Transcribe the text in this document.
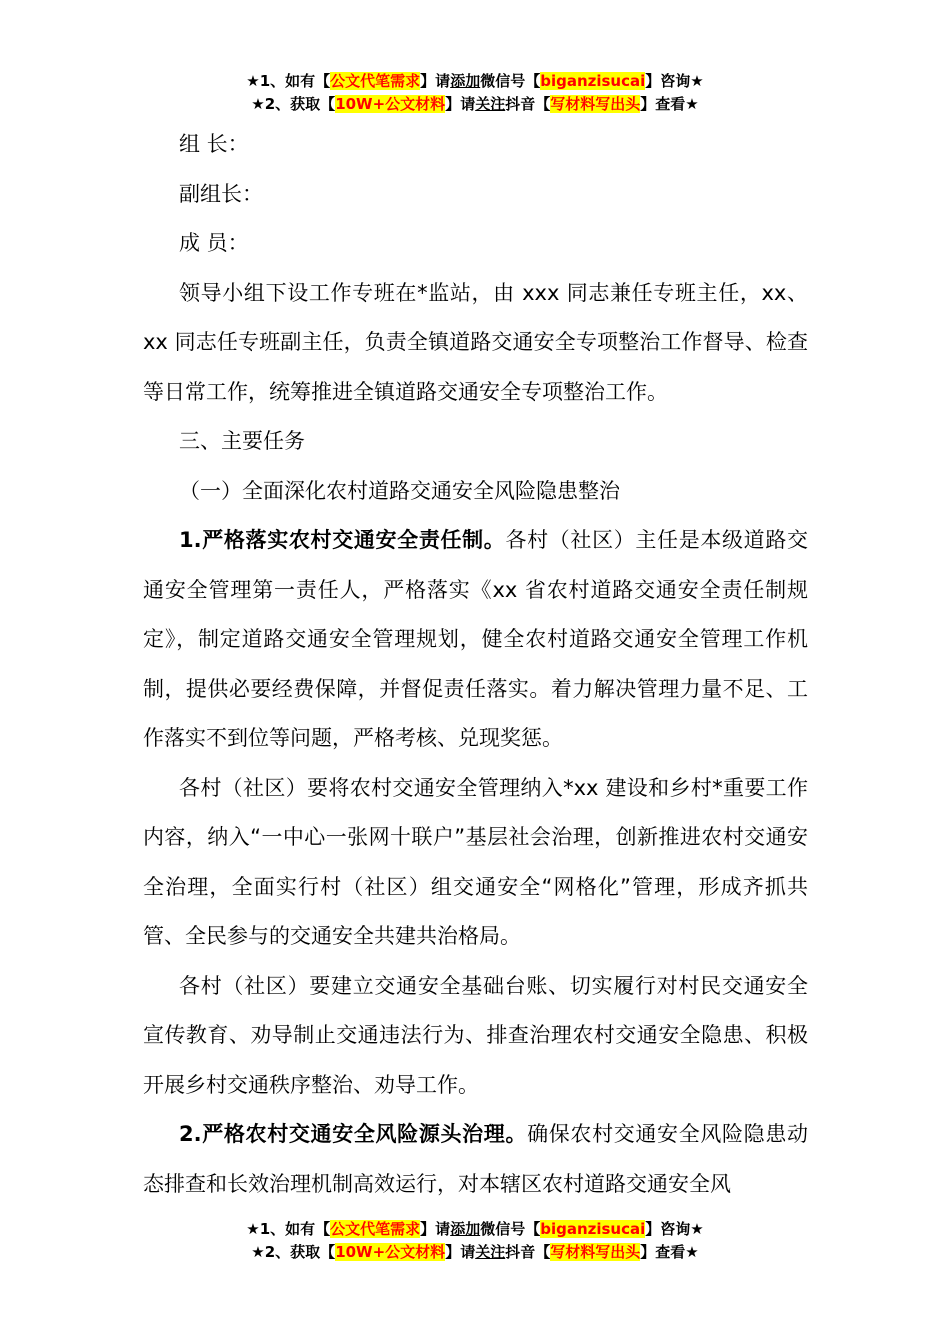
★1、如有【公文代笔需求】请添加微信号【biganzisucai】咨询★
★2、获取【10W+公文材料】请关注抖音【写材料写出头】查看★

组 长：

副组长：

成 员：

领导小组下设工作专班在*监站，由 xxx 同志兼任专班主任，xx、xx 同志任专班副主任，负责全镇道路交通安全专项整治工作督导、检查等日常工作，统筹推进全镇道路交通安全专项整治工作。

三、主要任务

（一）全面深化农村道路交通安全风险隐患整治

1.严格落实农村交通安全责任制。各村（社区）主任是本级道路交通安全管理第一责任人，严格落实《xx 省农村道路交通安全责任制规定》，制定道路交通安全管理规划，健全农村道路交通安全管理工作机制，提供必要经费保障，并督促责任落实。着力解决管理力量不足、工作落实不到位等问题，严格考核、兑现奖惩。

各村（社区）要将农村交通安全管理纳入*xx 建设和乡村*重要工作内容，纳入“一中心一张网十联户”基层社会治理，创新推进农村交通安全治理，全面实行村（社区）组交通安全“网格化”管理，形成齐抓共管、全民参与的交通安全共建共治格局。

各村（社区）要建立交通安全基础台账、切实履行对村民交通安全宣传教育、劝导制止交通违法行为、排查治理农村交通安全隐患、积极开展乡村交通秩序整治、劝导工作。

2.严格农村交通安全风险源头治理。确保农村交通安全风险隐患动态排查和长效治理机制高效运行，对本辖区农村道路交通安全风

★1、如有【公文代笔需求】请添加微信号【biganzisucai】咨询★
★2、获取【10W+公文材料】请关注抖音【写材料写出头】查看★
